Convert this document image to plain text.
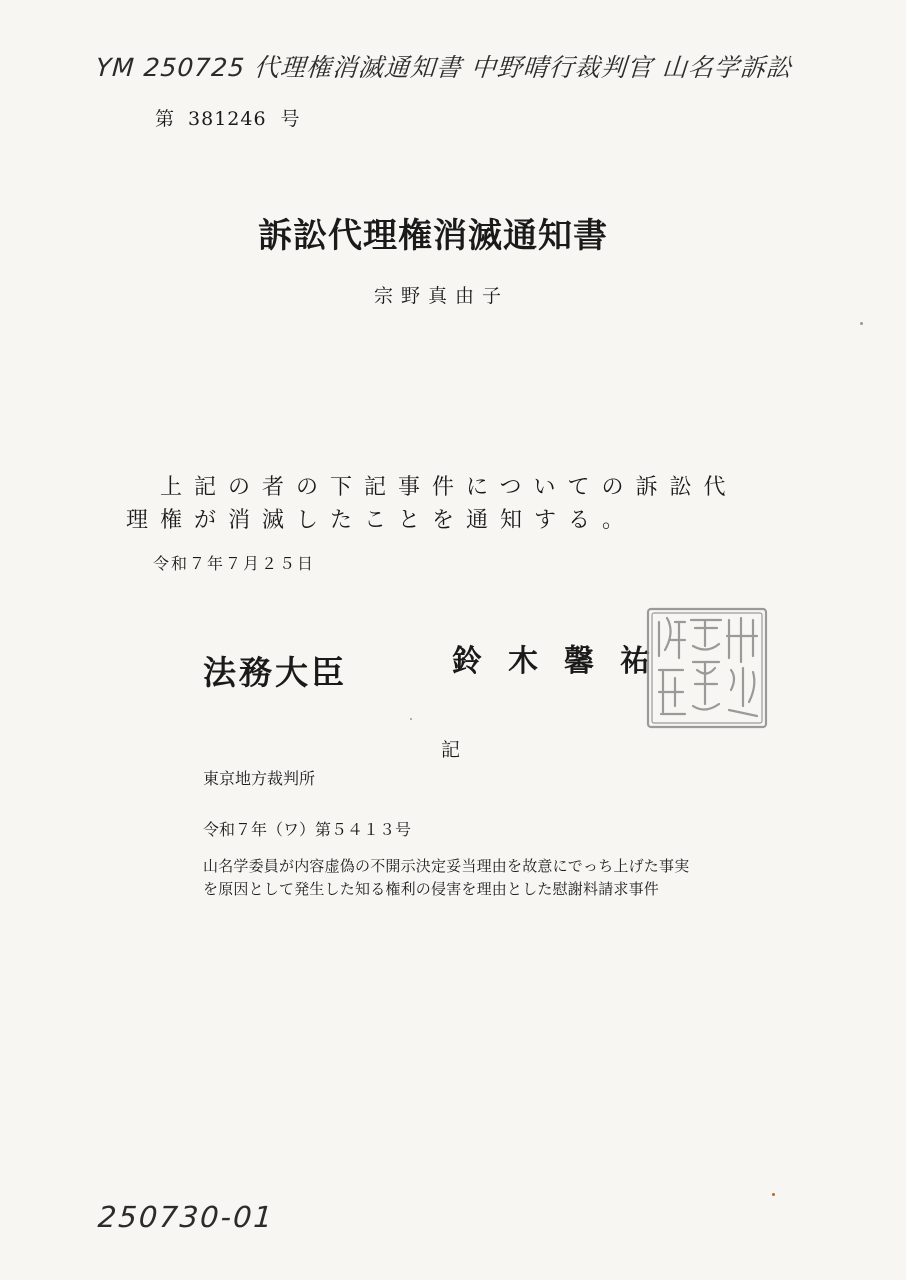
YM 250725 代理権消滅通知書 中野晴行裁判官 山名学訴訟
第 381246 号
訴訟代理権消滅通知書
宗野真由子
上記の者の下記事件についての訴訟代
理権が消滅したことを通知する。
令和７年７月２５日
法務大臣	鈴木馨祐
記
東京地方裁判所
令和７年（ワ）第５４１３号
山名学委員が内容虚偽の不開示決定妥当理由を故意にでっち上げた事実
を原因として発生した知る権利の侵害を理由とした慰謝料請求事件
250730-01
